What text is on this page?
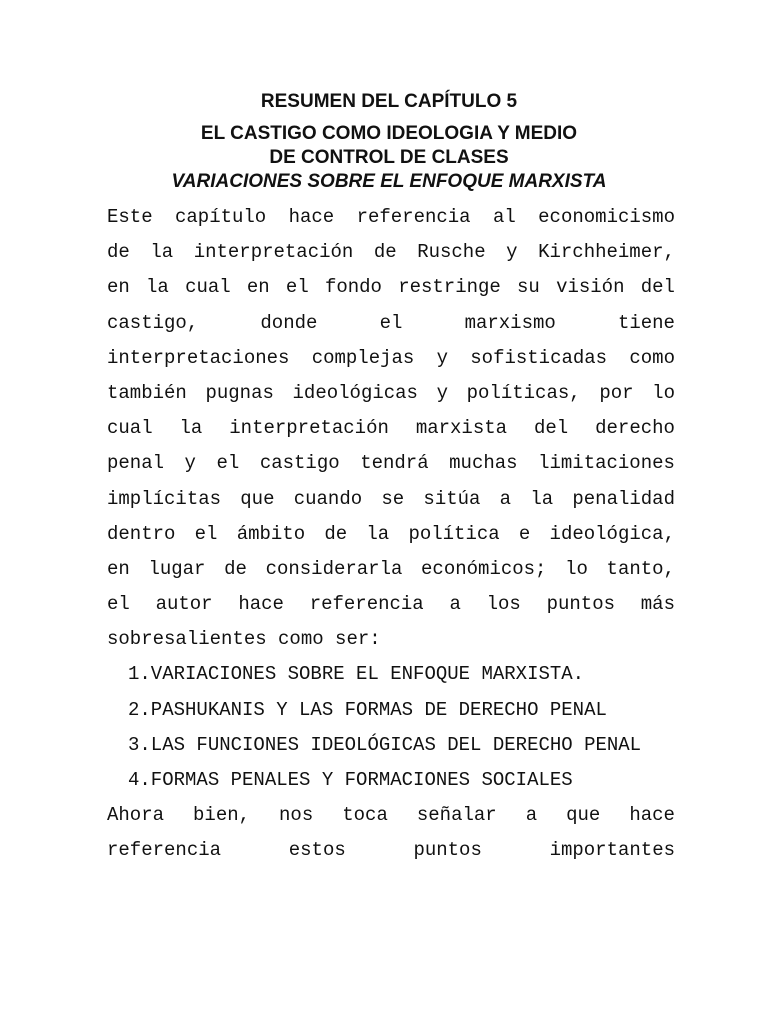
RESUMEN DEL CAPÍTULO 5

EL CASTIGO COMO IDEOLOGIA Y MEDIO

DE CONTROL DE CLASES

VARIACIONES SOBRE EL ENFOQUE MARXISTA

Este capítulo hace referencia al economicismo
de la interpretación de Rusche y Kirchheimer,
en la cual en el fondo restringe su visión del
castigo,	donde	el	marxismo	tiene
interpretaciones complejas y sofisticadas como
también pugnas ideológicas y políticas, por lo
cual la interpretación marxista del derecho
penal y el castigo tendrá muchas limitaciones
implícitas que cuando se sitúa a la penalidad
dentro el ámbito de la política e ideológica,
en lugar de considerarla económicos; lo tanto,
el autor hace referencia a los puntos más
sobresalientes como ser:
1.VARIACIONES SOBRE EL ENFOQUE MARXISTA.
2.PASHUKANIS Y LAS FORMAS DE DERECHO PENAL
3.LAS FUNCIONES IDEOLÓGICAS DEL DERECHO PENAL
4.FORMAS PENALES Y FORMACIONES SOCIALES
Ahora bien, nos toca señalar a que hace
referencia	estos	puntos	importantes
